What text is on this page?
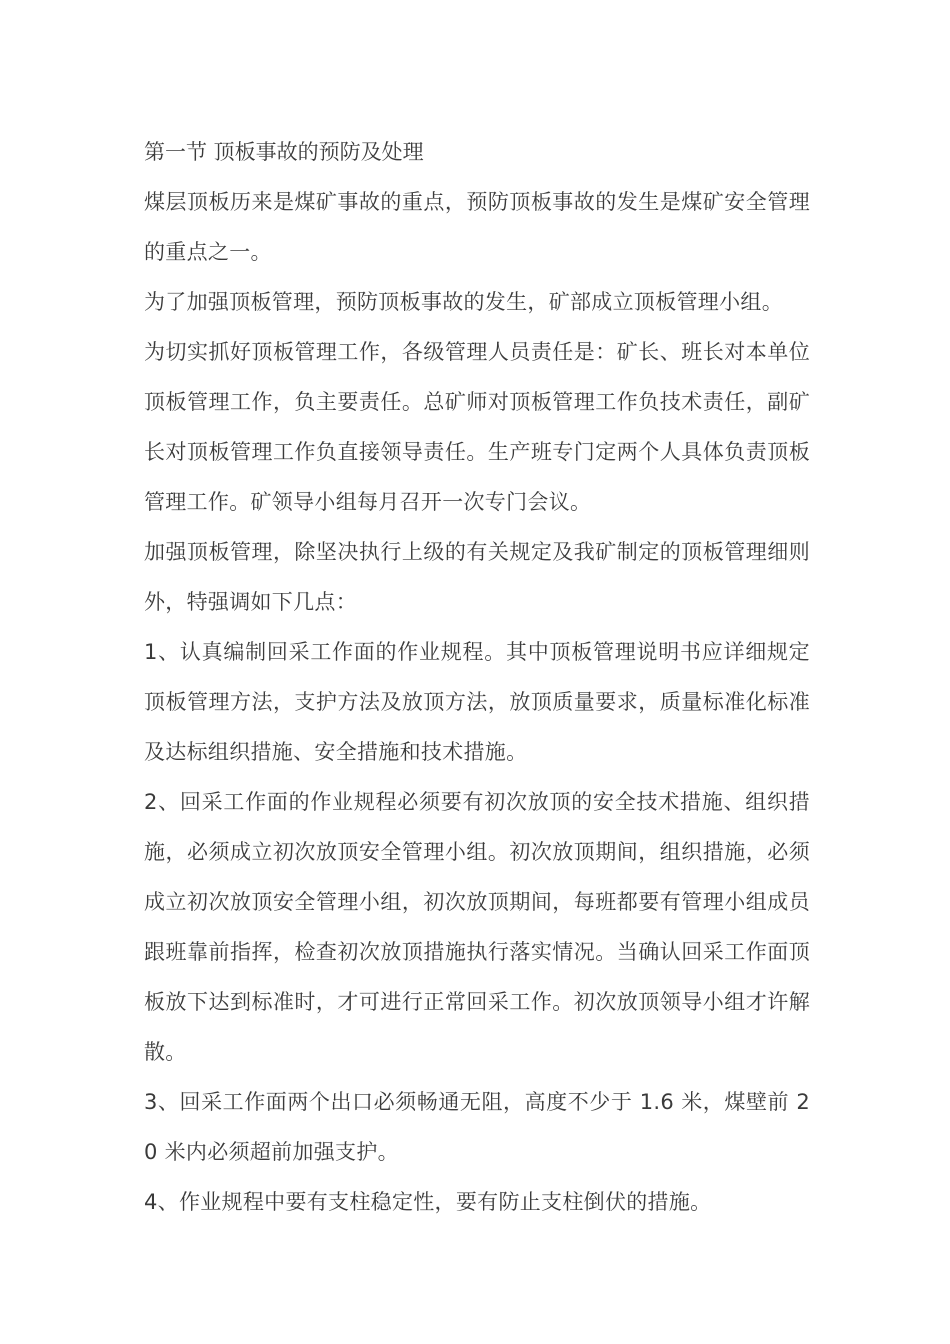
第一节 顶板事故的预防及处理

煤层顶板历来是煤矿事故的重点，预防顶板事故的发生是煤矿安全管理的重点之一。

为了加强顶板管理，预防顶板事故的发生，矿部成立顶板管理小组。

为切实抓好顶板管理工作，各级管理人员责任是：矿长、班长对本单位顶板管理工作，负主要责任。总矿师对顶板管理工作负技术责任，副矿长对顶板管理工作负直接领导责任。生产班专门定两个人具体负责顶板管理工作。矿领导小组每月召开一次专门会议。

加强顶板管理，除坚决执行上级的有关规定及我矿制定的顶板管理细则外，特强调如下几点：

1、认真编制回采工作面的作业规程。其中顶板管理说明书应详细规定顶板管理方法，支护方法及放顶方法，放顶质量要求，质量标准化标准及达标组织措施、安全措施和技术措施。

2、回采工作面的作业规程必须要有初次放顶的安全技术措施、组织措施，必须成立初次放顶安全管理小组。初次放顶期间，组织措施，必须成立初次放顶安全管理小组，初次放顶期间，每班都要有管理小组成员跟班靠前指挥，检查初次放顶措施执行落实情况。当确认回采工作面顶板放下达到标准时，才可进行正常回采工作。初次放顶领导小组才许解散。

3、回采工作面两个出口必须畅通无阻，高度不少于 1.6 米，煤壁前 20 米内必须超前加强支护。

4、作业规程中要有支柱稳定性，要有防止支柱倒伏的措施。
